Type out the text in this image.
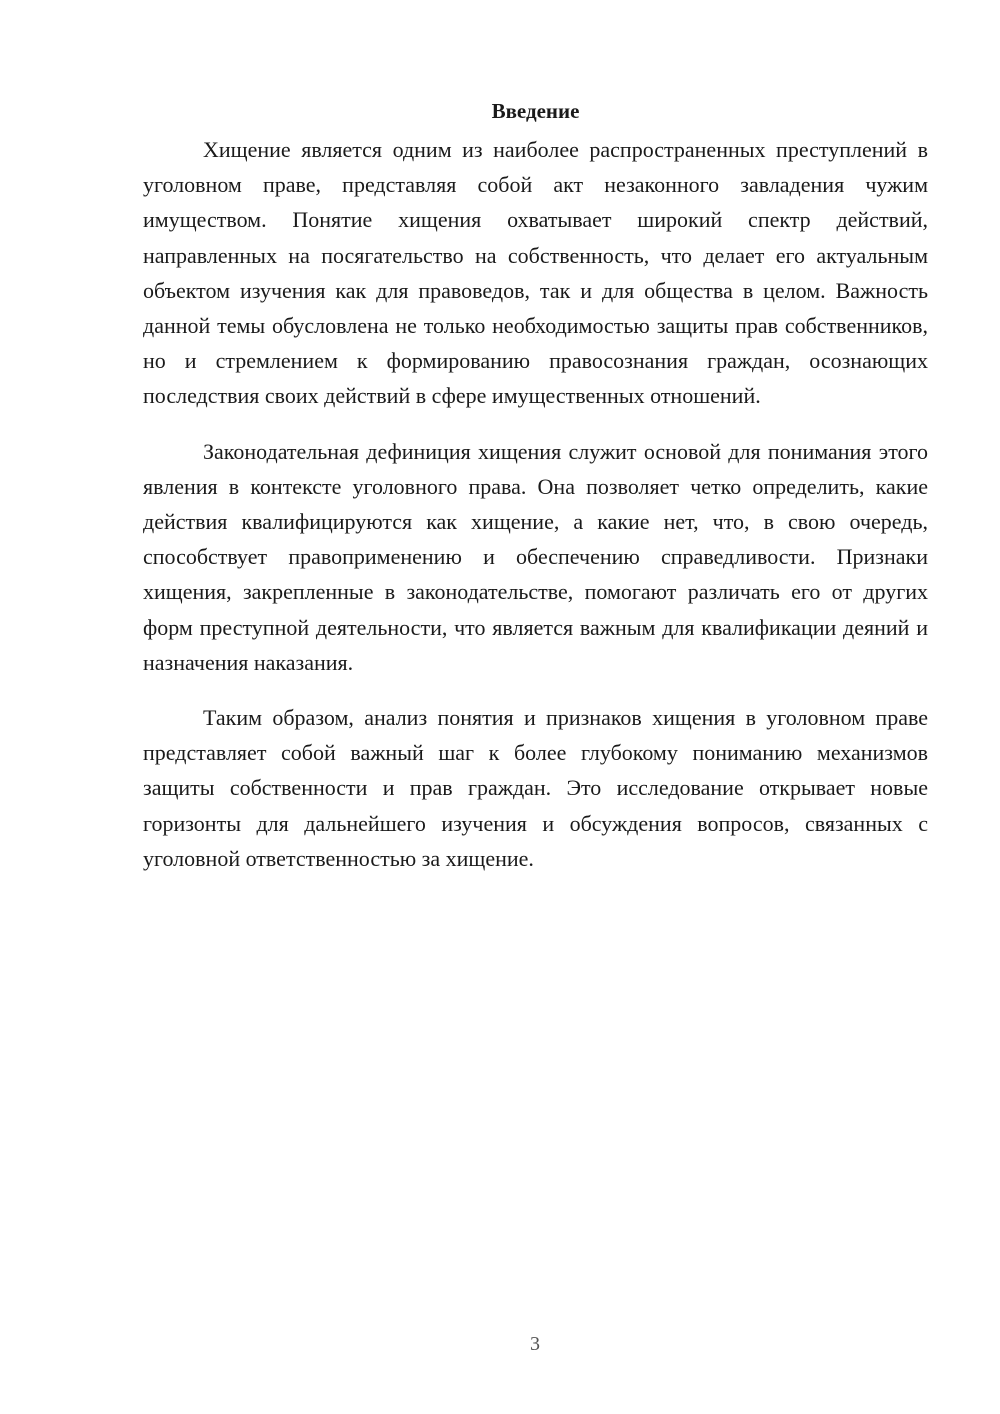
Введение

Хищение является одним из наиболее распространенных преступлений в уголовном праве, представляя собой акт незаконного завладения чужим имуществом. Понятие хищения охватывает широкий спектр действий, направленных на посягательство на собственность, что делает его актуальным объектом изучения как для правоведов, так и для общества в целом. Важность данной темы обусловлена не только необходимостью защиты прав собственников, но и стремлением к формированию правосознания граждан, осознающих последствия своих действий в сфере имущественных отношений.

Законодательная дефиниция хищения служит основой для понимания этого явления в контексте уголовного права. Она позволяет четко определить, какие действия квалифицируются как хищение, а какие нет, что, в свою очередь, способствует правоприменению и обеспечению справедливости. Признаки хищения, закрепленные в законодательстве, помогают различать его от других форм преступной деятельности, что является важным для квалификации деяний и назначения наказания.

Таким образом, анализ понятия и признаков хищения в уголовном праве представляет собой важный шаг к более глубокому пониманию механизмов защиты собственности и прав граждан. Это исследование открывает новые горизонты для дальнейшего изучения и обсуждения вопросов, связанных с уголовной ответственностью за хищение.

3
